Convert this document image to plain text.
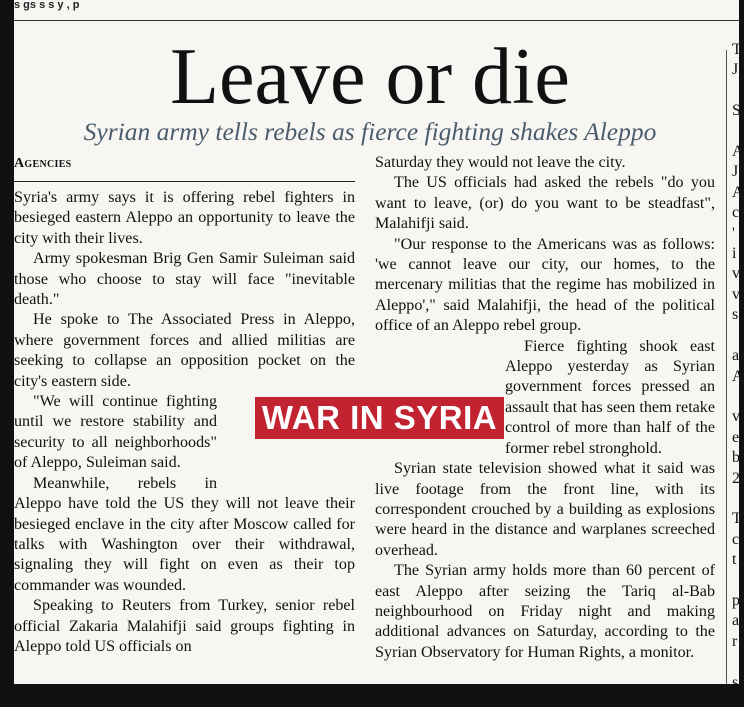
s gs s s y , p
Leave or die
Syrian army tells rebels as fierce fighting shakes Aleppo
Agencies

Syria's army says it is offering rebel fighters in besieged eastern Aleppo an opportunity to leave the city with their lives.

Army spokesman Brig Gen Samir Suleiman said those who choose to stay will face "inevitable death."

He spoke to The Associated Press in Aleppo, where government forces and allied militias are seeking to collapse an opposition pocket on the city's eastern side.

"We will continue fighting until we restore stability and security to all neighborhoods" of Aleppo, Suleiman said.

Meanwhile, rebels in Aleppo have told the US they will not leave their besieged enclave in the city after Moscow called for talks with Washington over their withdrawal, signaling they will fight on even as their top commander was wounded.

Speaking to Reuters from Turkey, senior rebel official Zakaria Malahifji said groups fighting in Aleppo told US officials on

Saturday they would not leave the city.

The US officials had asked the rebels "do you want to leave, (or) do you want to be steadfast", Malahifji said.

"Our response to the Americans was as follows: 'we cannot leave our city, our homes, to the mercenary militias that the regime has mobilized in Aleppo'," said Malahifji, the head of the political office of an Aleppo rebel group.

Fierce fighting shook east Aleppo yesterday as Syrian government forces pressed an assault that has seen them retake control of more than half of the former rebel stronghold.

Syrian state television showed what it said was live footage from the front line, with its correspondent crouched by a building as explosions were heard in the distance and warplanes screeched overhead.

The Syrian army holds more than 60 percent of east Aleppo after seizing the Tariq al-Bab neighbourhood on Friday night and making additional advances on Saturday, according to the Syrian Observatory for Human Rights, a monitor.

WAR IN SYRIA
T
J

S

A
J
A
c
'
i
v
v
s

a
A

v
e
b
2

T
c
t

p
a
r

s
